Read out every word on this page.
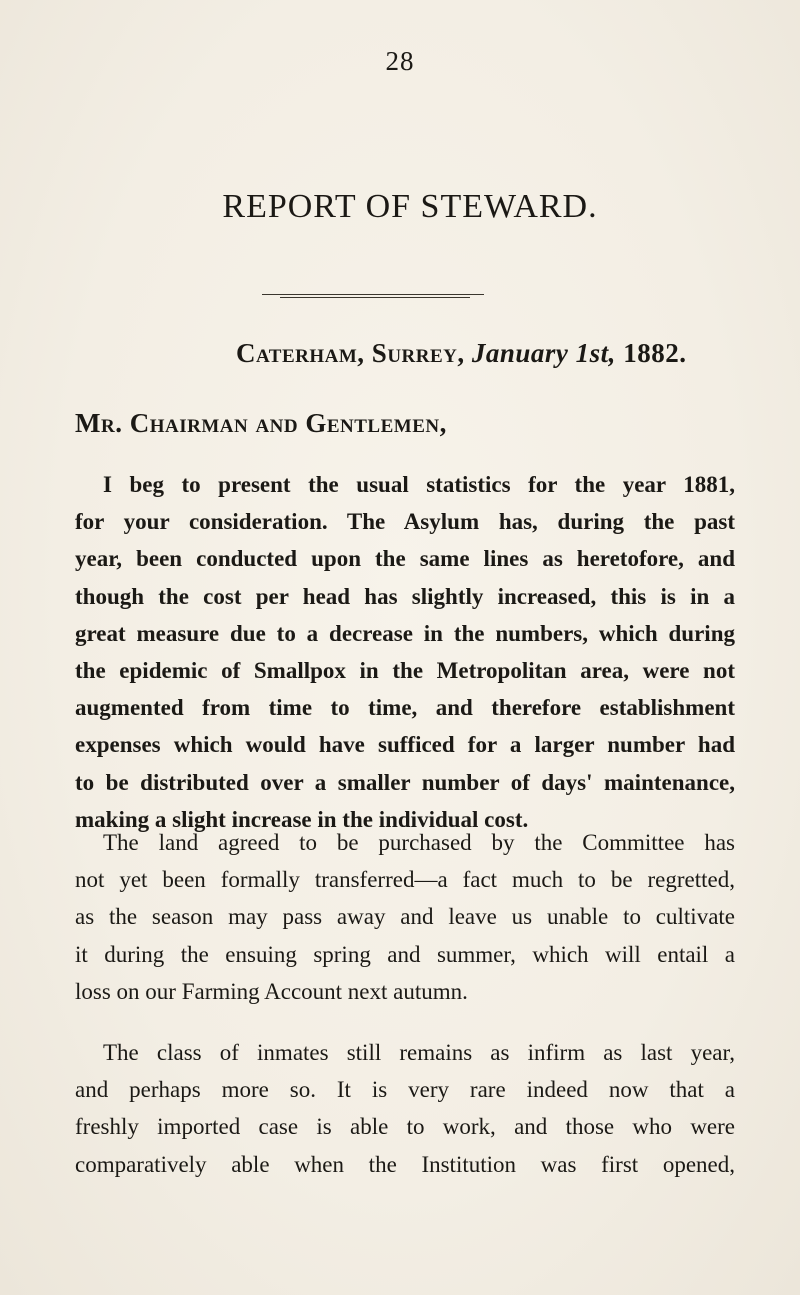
28
REPORT OF STEWARD.
Caterham, Surrey, January 1st, 1882.
Mr. Chairman and Gentlemen,
I beg to present the usual statistics for the year 1881,
for your consideration. The Asylum has, during the past
year, been conducted upon the same lines as heretofore, and
though the cost per head has slightly increased, this is in a
great measure due to a decrease in the numbers, which during
the epidemic of Smallpox in the Metropolitan area, were not
augmented from time to time, and therefore establishment
expenses which would have sufficed for a larger number had
to be distributed over a smaller number of days' maintenance,
making a slight increase in the individual cost.
The land agreed to be purchased by the Committee has
not yet been formally transferred—a fact much to be regretted,
as the season may pass away and leave us unable to cultivate
it during the ensuing spring and summer, which will entail a
loss on our Farming Account next autumn.
The class of inmates still remains as infirm as last year,
and perhaps more so. It is very rare indeed now that a
freshly imported case is able to work, and those who were
comparatively able when the Institution was first opened,
